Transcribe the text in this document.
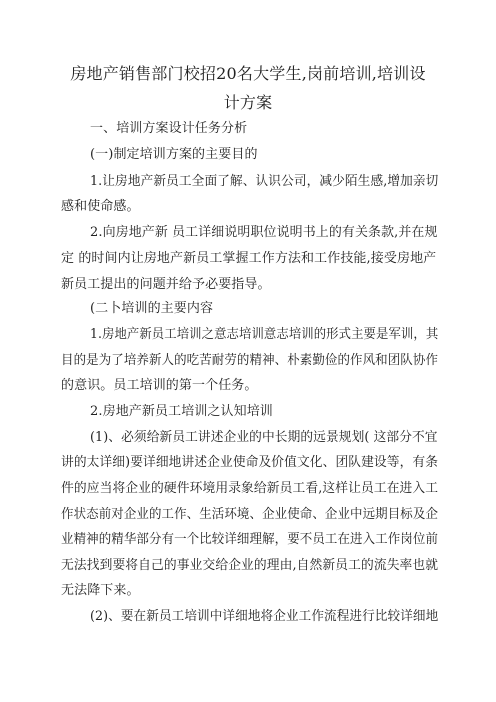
房地产销售部门校招20名大学生,岗前培训,培训设
计方案
一、培训方案设计任务分析
(一)制定培训方案的主要目的
1.让房地产新员工全面了解、认识公司，减少陌生感,增加亲切
感和使命感。
2.向房地产新 员工详细说明职位说明书上的有关条款,并在规
定 的时间内让房地产新员工掌握工作方法和工作技能,接受房地产
新员工提出的问题并给予必要指导。
(二卜培训的主要内容
1.房地产新员工培训之意志培训意志培训的形式主要是军训，其
目的是为了培养新人的吃苦耐劳的精神、朴素勤俭的作风和团队协作
的意识。员工培训的第一个任务。
2.房地产新员工培训之认知培训
(1)、必须给新员工讲述企业的中长期的远景规划( 这部分不宜
讲的太详细)要详细地讲述企业使命及价值文化、团队建设等，有条
件的应当将企业的硬件环境用录象给新员工看,这样让员工在进入工
作状态前对企业的工作、生活环境、企业使命、企业中远期目标及企
业精神的精华部分有一个比较详细理解，要不员工在进入工作岗位前
无法找到要将自己的事业交给企业的理由,自然新员工的流失率也就
无法降下来。
(2)、要在新员工培训中详细地将企业工作流程进行比较详细地
